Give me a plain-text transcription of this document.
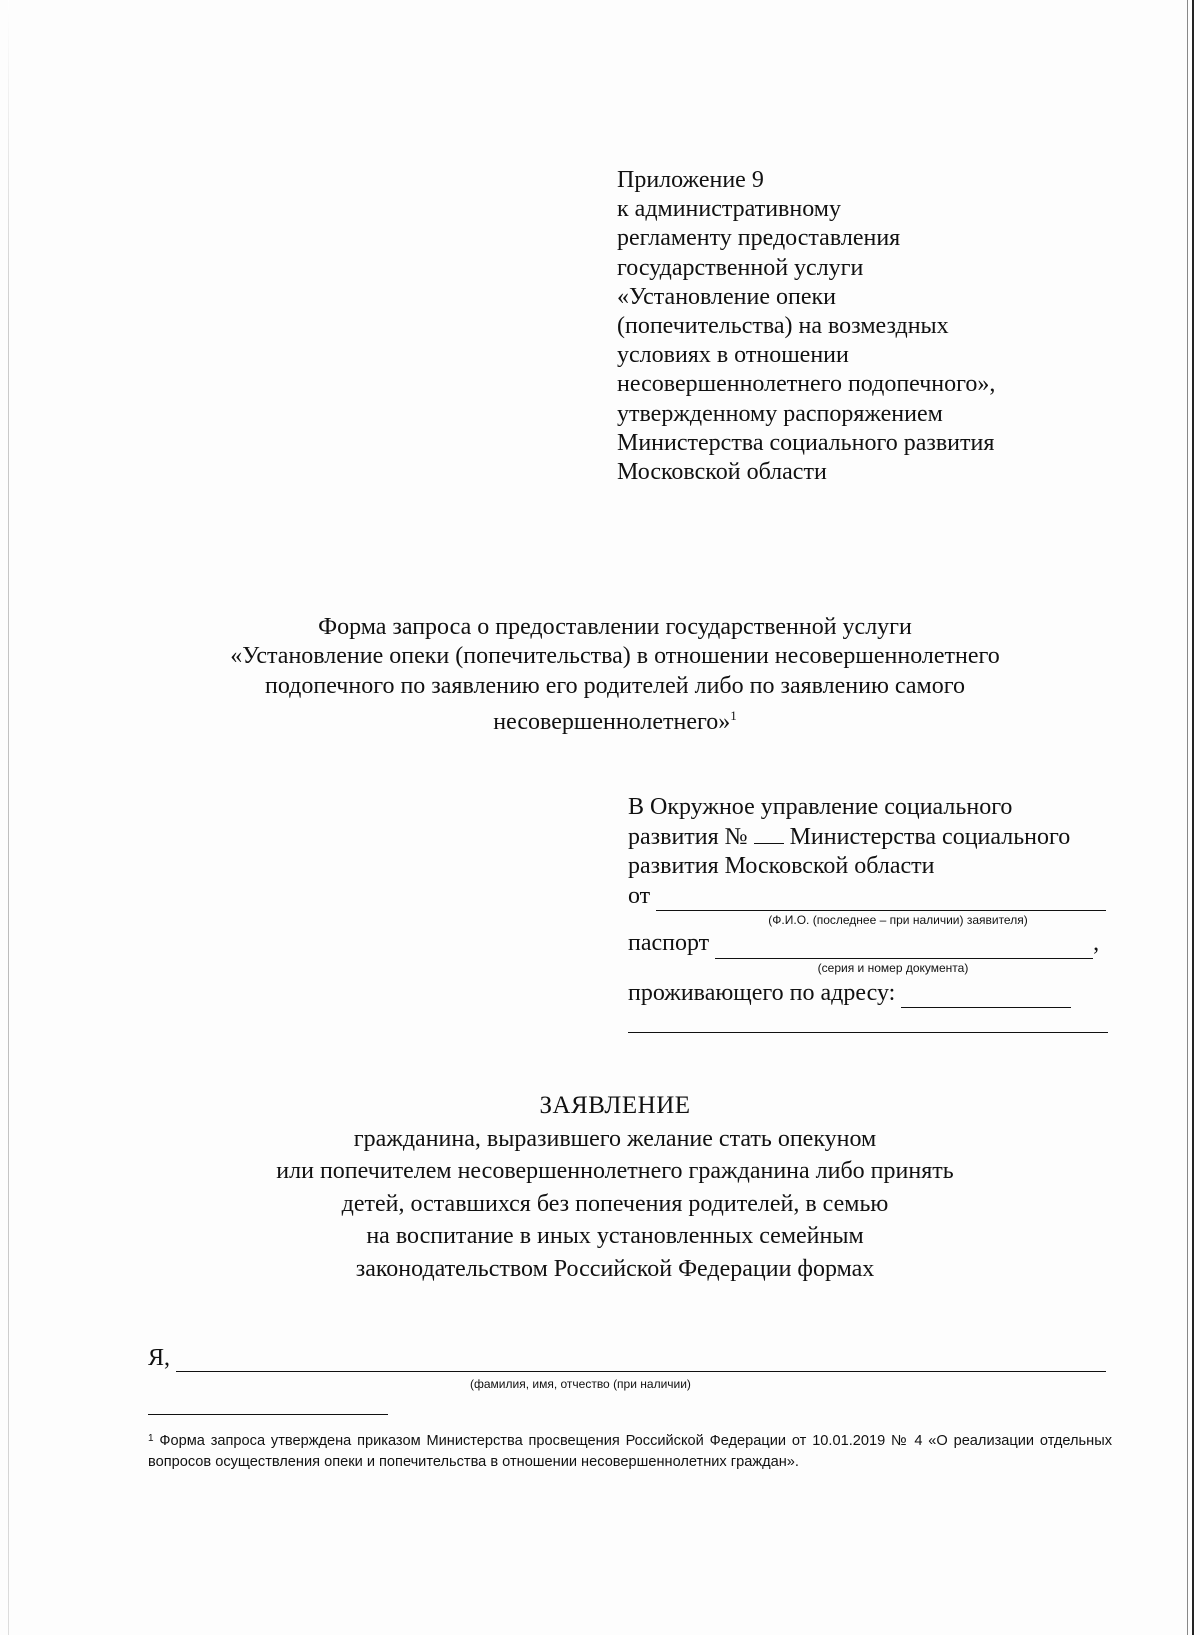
Приложение 9
к административному
регламенту предоставления
государственной услуги
«Установление опеки
(попечительства) на возмездных
условиях в отношении
несовершеннолетнего подопечного»,
утвержденному распоряжением
Министерства социального развития
Московской области
Форма запроса о предоставлении государственной услуги
«Установление опеки (попечительства) в отношении несовершеннолетнего
подопечного по заявлению его родителей либо по заявлению самого
несовершеннолетнего»$^1$
В Окружное управление социального
развития № Министерства социального
развития Московской области
от
(Ф.И.О. (последнее – при наличии) заявителя)
паспорт	,
(серия и номер документа)
проживающего по адресу:
ЗАЯВЛЕНИЕ
гражданина, выразившего желание стать опекуном
или попечителем несовершеннолетнего гражданина либо принять
детей, оставшихся без попечения родителей, в семью
на воспитание в иных установленных семейным
законодательством Российской Федерации формах
Я,
(фамилия, имя, отчество (при наличии)
$^1$ Форма запроса утверждена приказом Министерства просвещения Российской Федерации от 10.01.2019 № 4 «О реализации отдельных вопросов осуществления опеки и попечительства в отношении несовершеннолетних граждан».
